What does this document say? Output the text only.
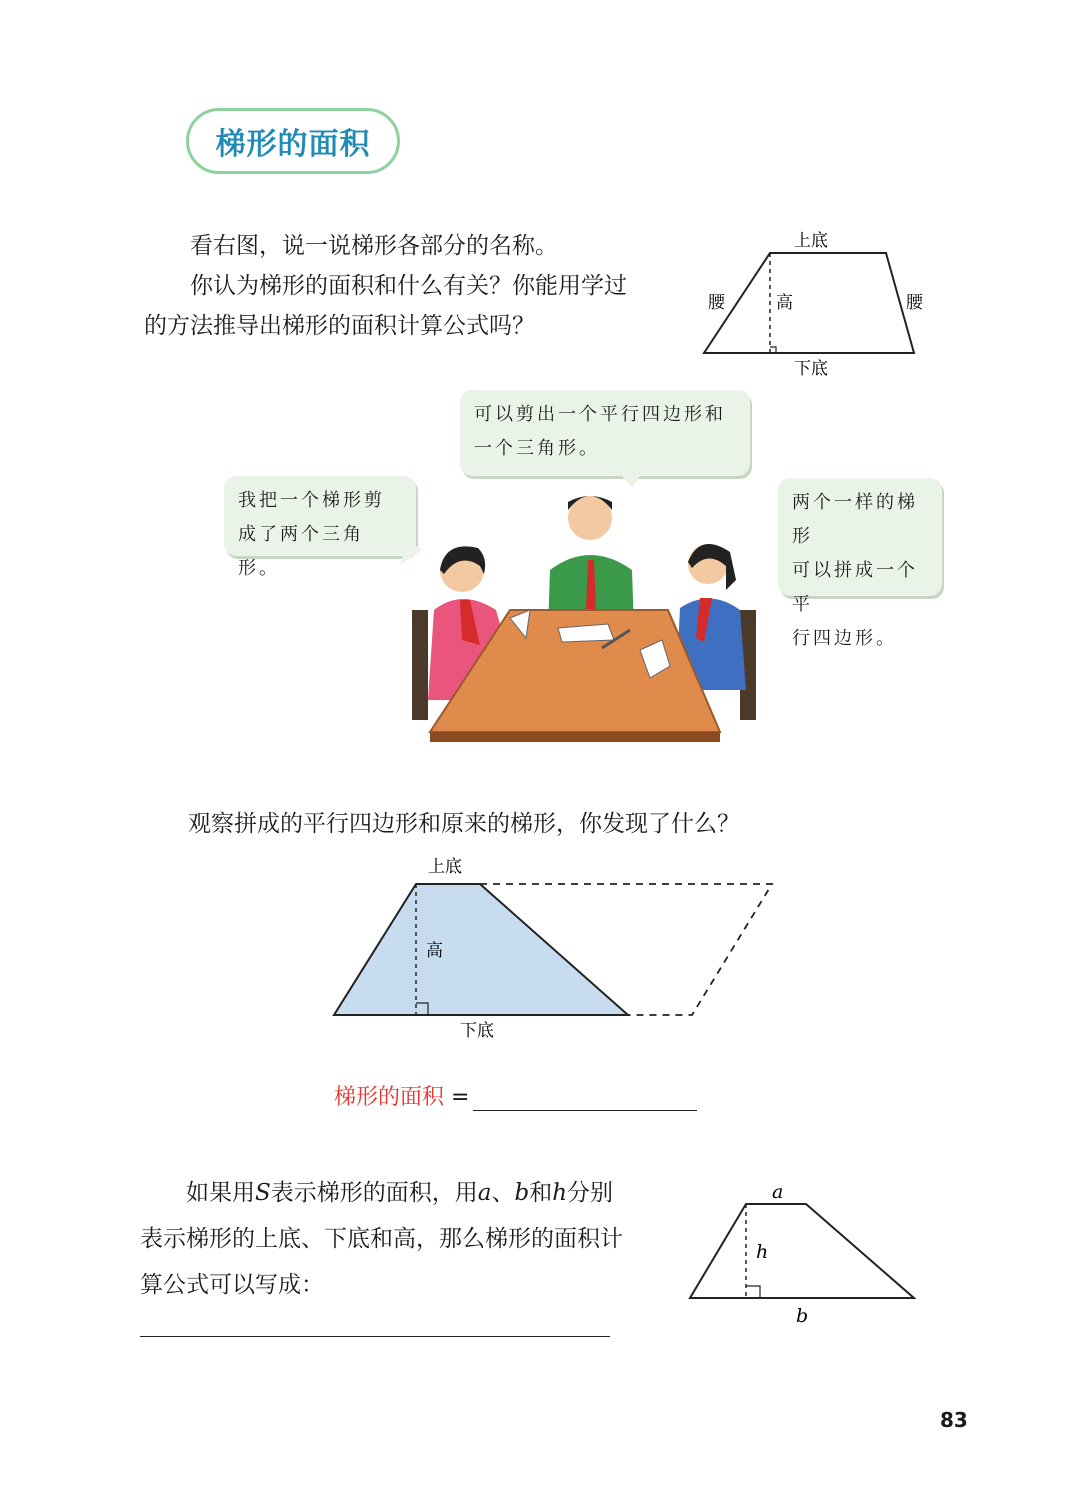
梯形的面积
看右图，说一说梯形各部分的名称。
你认为梯形的面积和什么有关？你能用学过
的方法推导出梯形的面积计算公式吗？
上底
下底
高
腰	腰
我把一个梯形剪
成了两个三角形。
可以剪出一个平行四边形和
一个三角形。
两个一样的梯形
可以拼成一个平
行四边形。
观察拼成的平行四边形和原来的梯形，你发现了什么？
上底
高
下底
梯形的面积 =
如果用S表示梯形的面积，用a、b和h分别
表示梯形的上底、下底和高，那么梯形的面积计
算公式可以写成：
a
h
b
83
